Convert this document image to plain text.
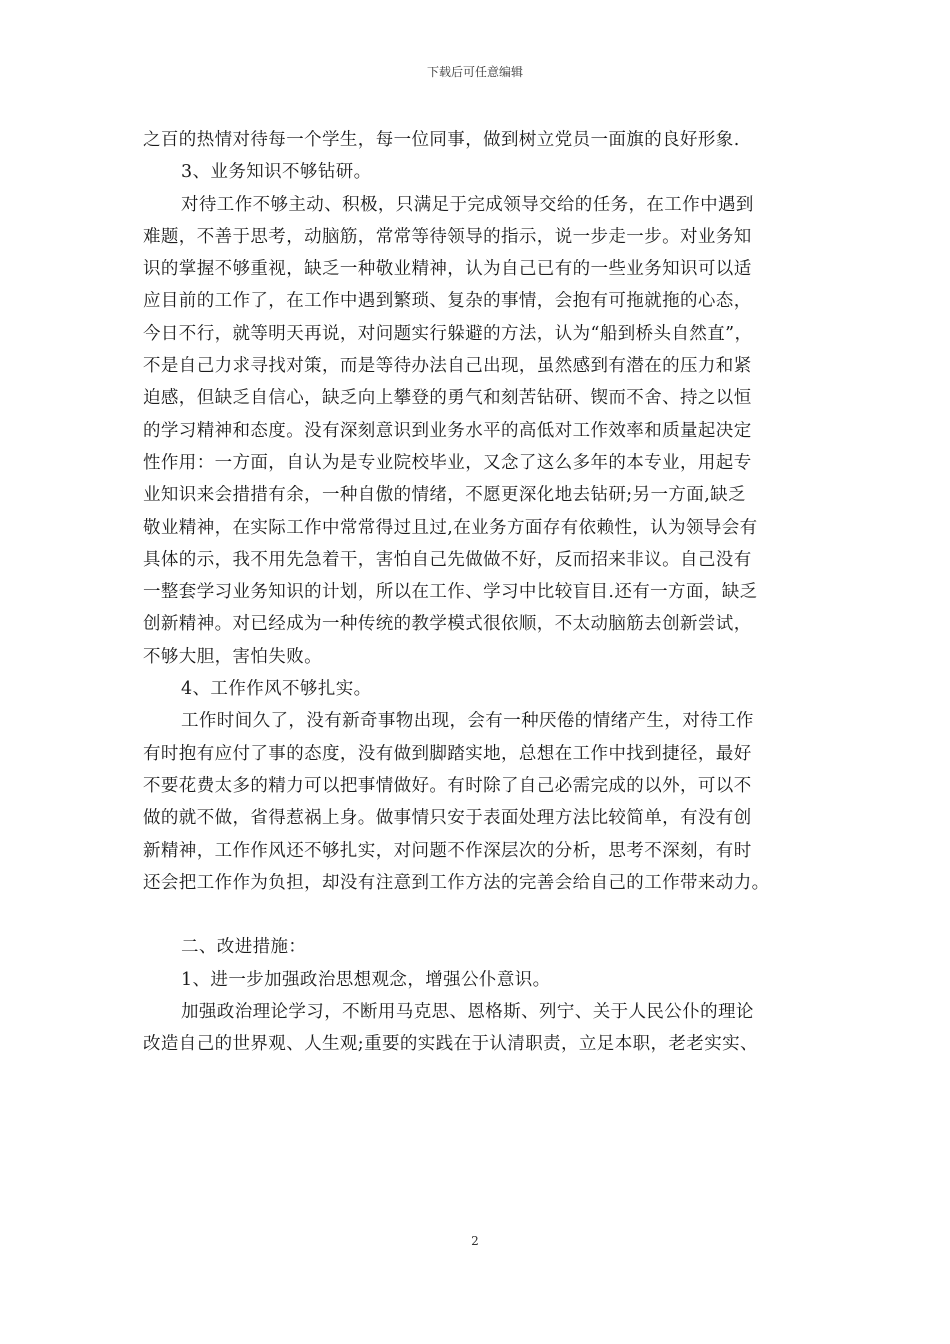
下载后可任意编辑
之百的热情对待每一个学生，每一位同事，做到树立党员一面旗的良好形象.
3、业务知识不够钻研。
对待工作不够主动、积极，只满足于完成领导交给的任务，在工作中遇到
难题，不善于思考，动脑筋，常常等待领导的指示，说一步走一步。对业务知
识的掌握不够重视，缺乏一种敬业精神，认为自己已有的一些业务知识可以适
应目前的工作了，在工作中遇到繁琐、复杂的事情，会抱有可拖就拖的心态，
今日不行，就等明天再说，对问题实行躲避的方法，认为“船到桥头自然直”，
不是自己力求寻找对策，而是等待办法自己出现，虽然感到有潜在的压力和紧
迫感，但缺乏自信心，缺乏向上攀登的勇气和刻苦钻研、锲而不舍、持之以恒
的学习精神和态度。没有深刻意识到业务水平的高低对工作效率和质量起决定
性作用：一方面，自认为是专业院校毕业，又念了这么多年的本专业，用起专
业知识来会措措有余，一种自傲的情绪，不愿更深化地去钻研;另一方面,缺乏
敬业精神，在实际工作中常常得过且过,在业务方面存有依赖性，认为领导会有
具体的示，我不用先急着干，害怕自己先做做不好，反而招来非议。自己没有
一整套学习业务知识的计划，所以在工作、学习中比较盲目.还有一方面，缺乏
创新精神。对已经成为一种传统的教学模式很依顺，不太动脑筋去创新尝试，
不够大胆，害怕失败。
4、工作作风不够扎实。
工作时间久了，没有新奇事物出现，会有一种厌倦的情绪产生，对待工作
有时抱有应付了事的态度，没有做到脚踏实地，总想在工作中找到捷径，最好
不要花费太多的精力可以把事情做好。有时除了自己必需完成的以外，可以不
做的就不做，省得惹祸上身。做事情只安于表面处理方法比较简单，有没有创
新精神，工作作风还不够扎实，对问题不作深层次的分析，思考不深刻，有时
还会把工作作为负担，却没有注意到工作方法的完善会给自己的工作带来动力。
二、改进措施：
1、进一步加强政治思想观念，增强公仆意识。
加强政治理论学习，不断用马克思、恩格斯、列宁、关于人民公仆的理论
改造自己的世界观、人生观;重要的实践在于认清职责，立足本职，老老实实、
2
